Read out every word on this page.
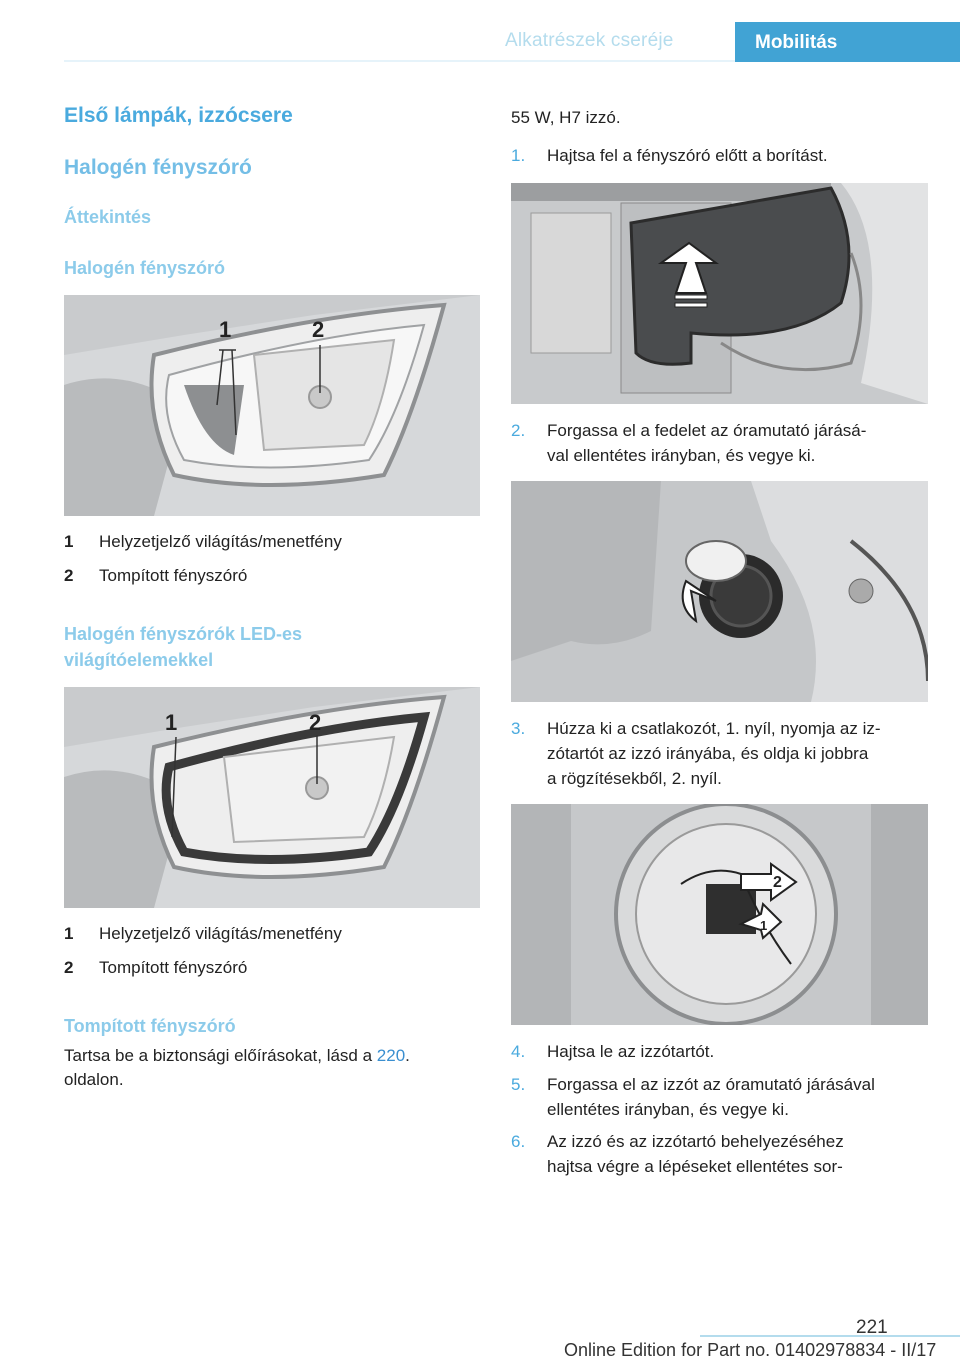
Alkatrészek cseréje	Mobilitás
Első lámpák, izzócsere
Halogén fényszóró
Áttekintés
Halogén fényszóró
1	2
1 Helyzetjelző világítás/menetfény
2 Tompított fényszóró
Halogén fényszórók LED-es
világítóelemekkel
1	2
1 Helyzetjelző világítás/menetfény
2 Tompított fényszóró
Tompított fényszóró
Tartsa be a biztonsági előírásokat, lásd a 220.
oldalon.
55 W, H7 izzó.
1. Hajtsa fel a fényszóró előtt a borítást.
2. Forgassa el a fedelet az óramutató járásá-
val ellentétes irányban, és vegye ki.
3. Húzza ki a csatlakozót, 1. nyíl, nyomja az iz-
zótartót az izzó irányába, és oldja ki jobbra
a rögzítésekből, 2. nyíl.
2
1
4. Hajtsa le az izzótartót.
5. Forgassa el az izzót az óramutató járásával
ellentétes irányban, és vegye ki.
6. Az izzó és az izzótartó behelyezéséhez
hajtsa végre a lépéseket ellentétes sor-
221
Online Edition for Part no. 01402978834 - II/17
